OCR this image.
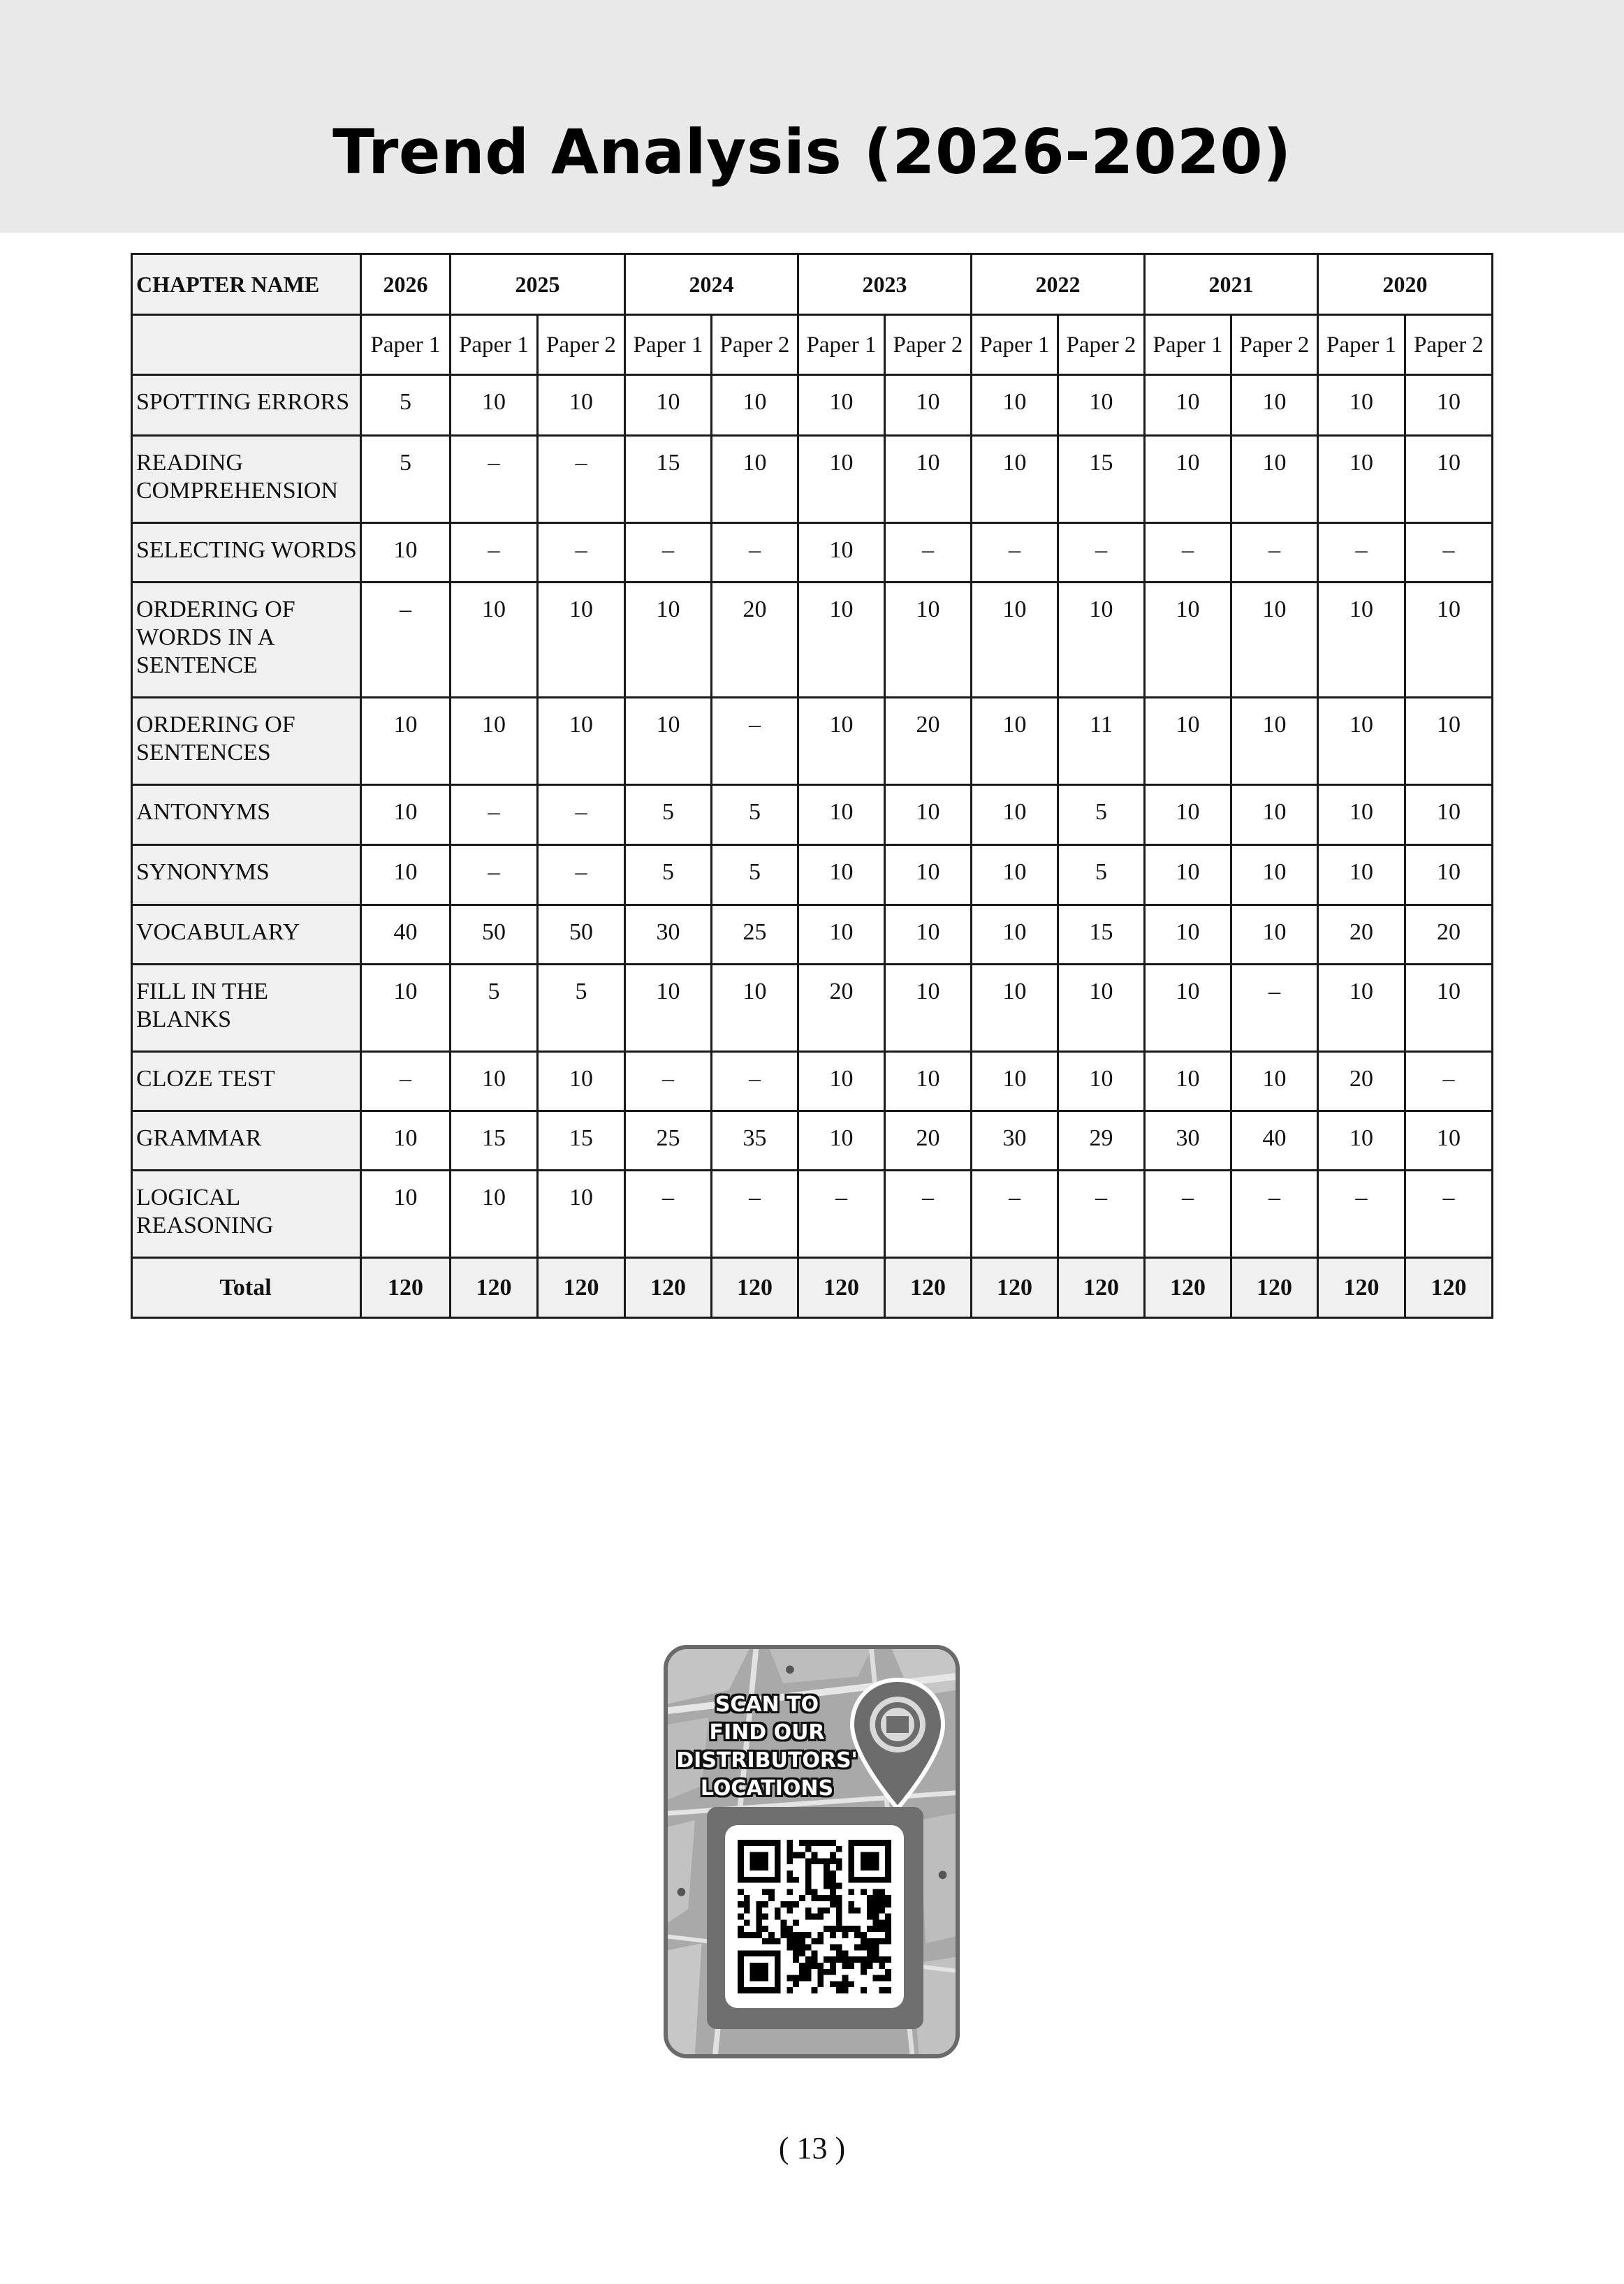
Trend Analysis (2026-2020)
CHAPTER NAME	2026	2025		2024		2023		2022		2021		2020	
	Paper 1	Paper 1	Paper 2	Paper 1	Paper 2	Paper 1	Paper 2	Paper 1	Paper 2	Paper 1	Paper 2	Paper 1	Paper 2
SPOTTING ERRORS	5	10	10	10	10	10	10	10	10	10	10	10	10
READING COMPREHENSION	5	–	–	15	10	10	10	10	15	10	10	10	10
SELECTING WORDS	10	–	–	–	–	10	–	–	–	–	–	–	–
ORDERING OF WORDS IN A SENTENCE	–	10	10	10	20	10	10	10	10	10	10	10	10
ORDERING OF SENTENCES	10	10	10	10	–	10	20	10	11	10	10	10	10
ANTONYMS	10	–	–	5	5	10	10	10	5	10	10	10	10
SYNONYMS	10	–	–	5	5	10	10	10	5	10	10	10	10
VOCABULARY	40	50	50	30	25	10	10	10	15	10	10	20	20
FILL IN THE BLANKS	10	5	5	10	10	20	10	10	10	10	–	10	10
CLOZE TEST	–	10	10	–	–	10	10	10	10	10	10	20	–
GRAMMAR	10	15	15	25	35	10	20	30	29	30	40	10	10
LOGICAL REASONING	10	10	10	–	–	–	–	–	–	–	–	–	–
Total	120	120	120	120	120	120	120	120	120	120	120	120	120
SCAN TO
FIND OUR
DISTRIBUTORS'
LOCATIONS
( 13 )
